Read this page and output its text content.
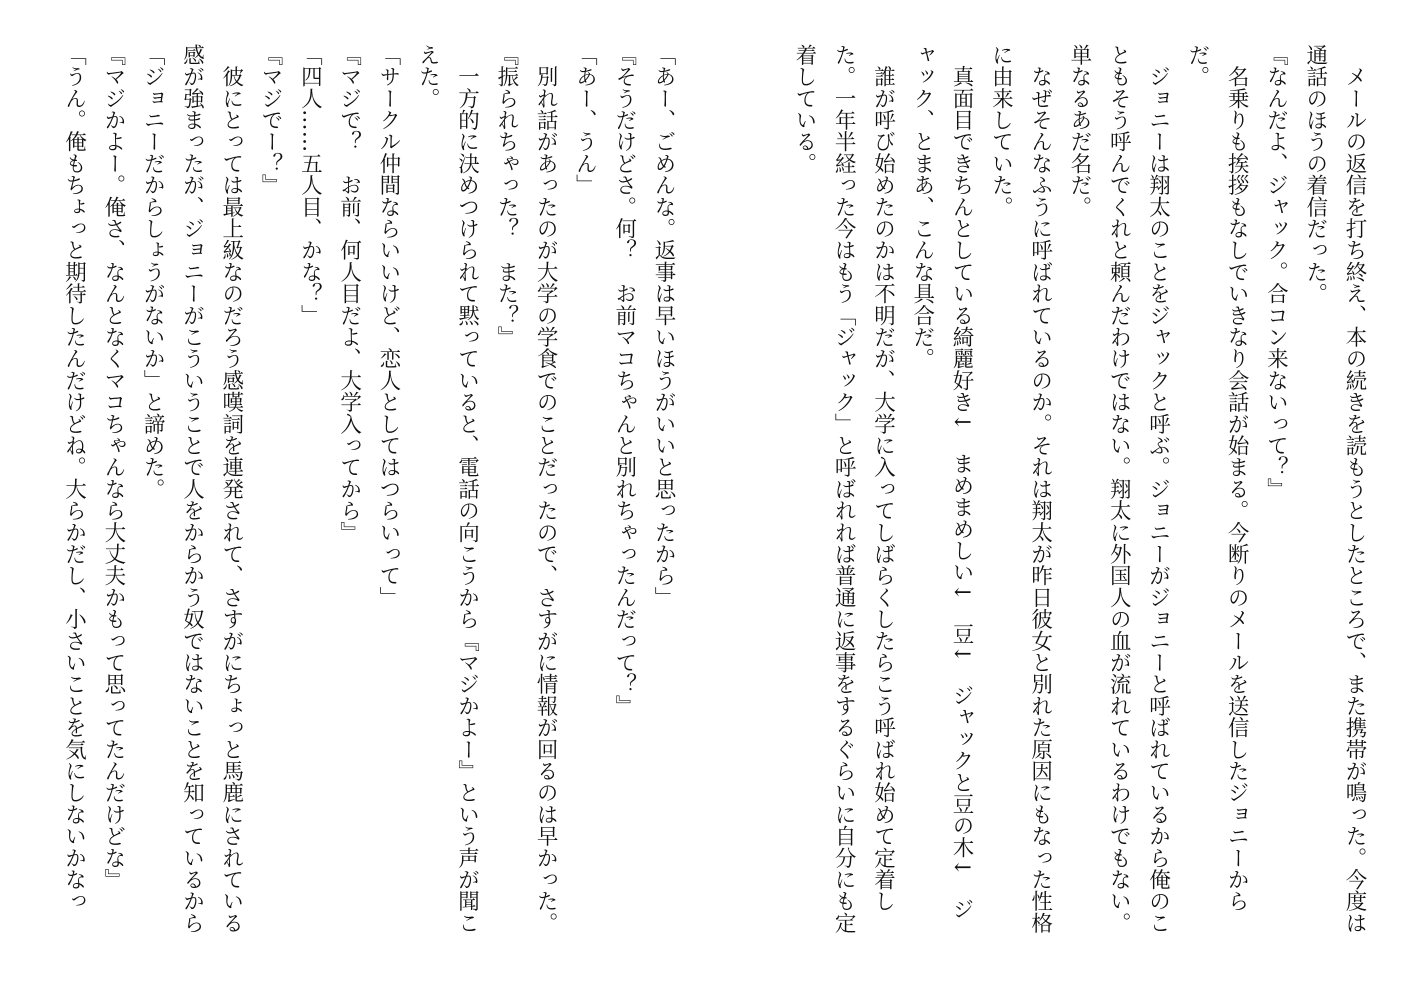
　メールの返信を打ち終え、本の続きを読もうとしたところで、また携帯が鳴った。今度は
通話のほうの着信だった。
『なんだよ、ジャック。合コン来ないって？』
　名乗りも挨拶もなしでいきなり会話が始まる。今断りのメールを送信したジョニーから
だ。
　ジョニーは翔太のことをジャックと呼ぶ。ジョニーがジョニーと呼ばれているから俺のこ
ともそう呼んでくれと頼んだわけではない。翔太に外国人の血が流れているわけでもない。
単なるあだ名だ。
　なぜそんなふうに呼ばれているのか。それは翔太が昨日彼女と別れた原因にもなった性格
に由来していた。
　真面目できちんとしている綺麗好き↓　まめまめしい↓　豆↓　ジャックと豆の木↓　ジ
ャック、とまあ、こんな具合だ。
　誰が呼び始めたのかは不明だが、大学に入ってしばらくしたらこう呼ばれ始めて定着し
た。一年半経った今はもう「ジャック」と呼ばれれば普通に返事をするぐらいに自分にも定
着している。
「あー、ごめんな。返事は早いほうがいいと思ったから」
『そうだけどさ。何？　お前マコちゃんと別れちゃったんだって？』
「あー、うん」
　別れ話があったのが大学の学食でのことだったので、さすがに情報が回るのは早かった。
『振られちゃった？　また？』
　一方的に決めつけられて黙っていると、電話の向こうから『マジかよー』という声が聞こ
えた。
「サークル仲間ならいいけど、恋人としてはつらいって」
『マジで？　お前、何人目だよ、大学入ってから』
「四人……五人目、かな？」
『マジでー？』
　彼にとっては最上級なのだろう感嘆詞を連発されて、さすがにちょっと馬鹿にされている
感が強まったが、ジョニーがこういうことで人をからかう奴ではないことを知っているから
「ジョニーだからしょうがないか」と諦めた。
『マジかよー。俺さ、なんとなくマコちゃんなら大丈夫かもって思ってたんだけどな』
「うん。俺もちょっと期待したんだけどね。大らかだし、小さいことを気にしないかなっ
